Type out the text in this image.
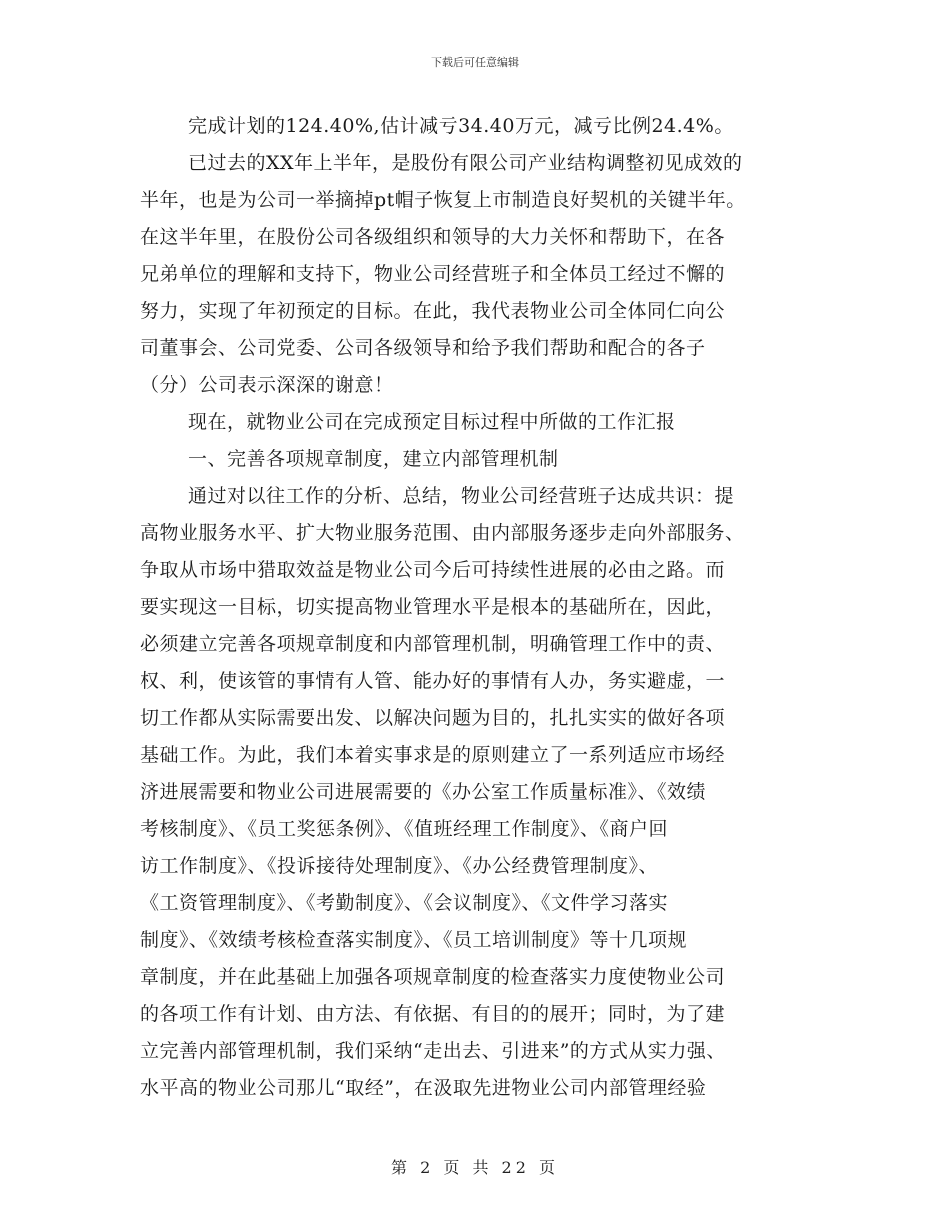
下载后可任意编辑
完成计划的124.40%,估计减亏34.40万元，减亏比例24.4%。
已过去的XX年上半年，是股份有限公司产业结构调整初见成效的
半年，也是为公司一举摘掉pt帽子恢复上市制造良好契机的关键半年。
在这半年里，在股份公司各级组织和领导的大力关怀和帮助下，在各
兄弟单位的理解和支持下，物业公司经营班子和全体员工经过不懈的
努力，实现了年初预定的目标。在此，我代表物业公司全体同仁向公
司董事会、公司党委、公司各级领导和给予我们帮助和配合的各子
（分）公司表示深深的谢意！
现在，就物业公司在完成预定目标过程中所做的工作汇报
一、完善各项规章制度，建立内部管理机制
通过对以往工作的分析、总结，物业公司经营班子达成共识：提
高物业服务水平、扩大物业服务范围、由内部服务逐步走向外部服务、
争取从市场中猎取效益是物业公司今后可持续性进展的必由之路。而
要实现这一目标，切实提高物业管理水平是根本的基础所在，因此，
必须建立完善各项规章制度和内部管理机制，明确管理工作中的责、
权、利，使该管的事情有人管、能办好的事情有人办，务实避虚，一
切工作都从实际需要出发、以解决问题为目的，扎扎实实的做好各项
基础工作。为此，我们本着实事求是的原则建立了一系列适应市场经
济进展需要和物业公司进展需要的《办公室工作质量标准》、《效绩
考核制度》、《员工奖惩条例》、《值班经理工作制度》、《商户回
访工作制度》、《投诉接待处理制度》、《办公经费管理制度》、
《工资管理制度》、《考勤制度》、《会议制度》、《文件学习落实
制度》、《效绩考核检查落实制度》、《员工培训制度》等十几项规
章制度，并在此基础上加强各项规章制度的检查落实力度使物业公司
的各项工作有计划、由方法、有依据、有目的的展开；同时，为了建
立完善内部管理机制，我们采纳“走出去、引进来”的方式从实力强、
水平高的物业公司那儿“取经”，在汲取先进物业公司内部管理经验
第 2 页 共 22 页
